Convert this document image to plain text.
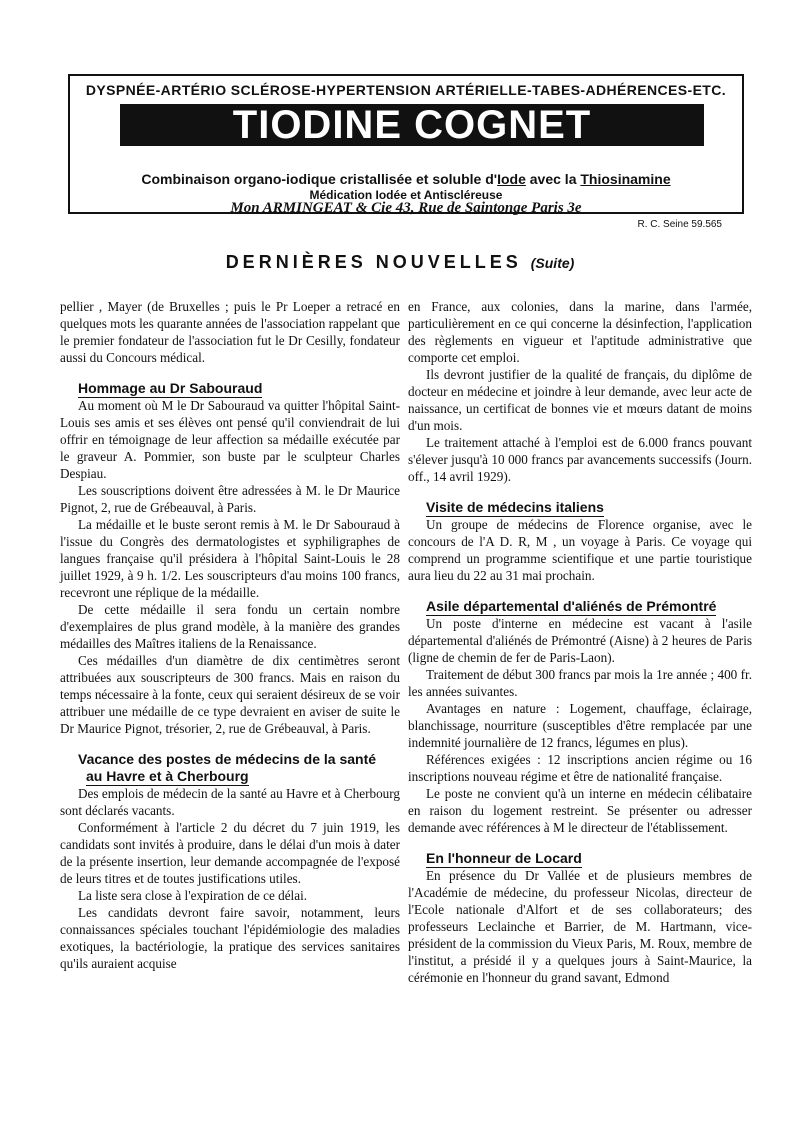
DYSPNÉE-ARTÉRIO SCLÉROSE-HYPERTENSION ARTÉRIELLE-TABES-ADHÉRENCES-ETC.
TIODINE COGNET
Combinaison organo-iodique cristallisée et soluble d'Iode avec la Thiosinamine
Médication Iodée et Antiscléreuse
Mon ARMINGEAT & Cie 43, Rue de Saintonge Paris 3e
R. C. Seine 59.565
DERNIÈRES NOUVELLES (Suite)

pellier , Mayer (de Bruxelles ; puis le Pr Loeper a retracé en quelques mots les quarante années de l'association rappelant que le premier fondateur de l'association fut le Dr Cesilly, fondateur aussi du Concours médical.

Hommage au Dr Sabouraud

Au moment où M le Dr Sabouraud va quitter l'hôpital Saint-Louis ses amis et ses élèves ont pensé qu'il conviendrait de lui offrir en témoignage de leur affection sa médaille exécutée par le graveur A. Pommier, son buste par le sculpteur Charles Despiau.

Les souscriptions doivent être adressées à M. le Dr Maurice Pignot, 2, rue de Grébeauval, à Paris.

La médaille et le buste seront remis à M. le Dr Sabouraud à l'issue du Congrès des dermatologistes et syphiligraphes de langues française qu'il présidera à l'hôpital Saint-Louis le 28 juillet 1929, à 9 h. 1/2. Les souscripteurs d'au moins 100 francs, recevront une réplique de la médaille.

De cette médaille il sera fondu un certain nombre d'exemplaires de plus grand modèle, à la manière des grandes médailles des Maîtres italiens de la Renaissance.

Ces médailles d'un diamètre de dix centimètres seront attribuées aux souscripteurs de 300 francs. Mais en raison du temps nécessaire à la fonte, ceux qui seraient désireux de se voir attribuer une médaille de ce type devraient en aviser de suite le Dr Maurice Pignot, trésorier, 2, rue de Grébeauval, à Paris.

Vacance des postes de médecins de la santé

au Havre et à Cherbourg

Des emplois de médecin de la santé au Havre et à Cherbourg sont déclarés vacants.

Conformément à l'article 2 du décret du 7 juin 1919, les candidats sont invités à produire, dans le délai d'un mois à dater de la présente insertion, leur demande accompagnée de l'exposé de leurs titres et de toutes justifications utiles.

La liste sera close à l'expiration de ce délai.

Les candidats devront faire savoir, notamment, leurs connaissances spéciales touchant l'épidémiologie des maladies exotiques, la bactériologie, la pratique des services sanitaires qu'ils auraient acquise

en France, aux colonies, dans la marine, dans l'armée, particulièrement en ce qui concerne la désinfection, l'application des règlements en vigueur et l'aptitude administrative que comporte cet emploi.

Ils devront justifier de la qualité de français, du diplôme de docteur en médecine et joindre à leur demande, avec leur acte de naissance, un certificat de bonnes vie et mœurs datant de moins d'un mois.

Le traitement attaché à l'emploi est de 6.000 francs pouvant s'élever jusqu'à 10 000 francs par avancements successifs (Journ. off., 14 avril 1929).

Visite de médecins italiens

Un groupe de médecins de Florence organise, avec le concours de l'A D. R, M , un voyage à Paris. Ce voyage qui comprend un programme scientifique et une partie touristique aura lieu du 22 au 31 mai prochain.

Asile départemental d'aliénés de Prémontré

Un poste d'interne en médecine est vacant à l'asile départemental d'aliénés de Prémontré (Aisne) à 2 heures de Paris (ligne de chemin de fer de Paris-Laon).

Traitement de début 300 francs par mois la 1re année ; 400 fr. les années suivantes.

Avantages en nature : Logement, chauffage, éclairage, blanchissage, nourriture (susceptibles d'être remplacée par une indemnité journalière de 12 francs, légumes en plus).

Références exigées : 12 inscriptions ancien régime ou 16 inscriptions nouveau régime et être de nationalité française.

Le poste ne convient qu'à un interne en médecin célibataire en raison du logement restreint. Se présenter ou adresser demande avec références à M le directeur de l'établissement.

En l'honneur de Locard

En présence du Dr Vallée et de plusieurs membres de l'Académie de médecine, du professeur Nicolas, directeur de l'Ecole nationale d'Alfort et de ses collaborateurs; des professeurs Leclainche et Barrier, de M. Hartmann, vice-président de la commission du Vieux Paris, M. Roux, membre de l'institut, a présidé il y a quelques jours à Saint-Maurice, la cérémonie en l'honneur du grand savant, Edmond
